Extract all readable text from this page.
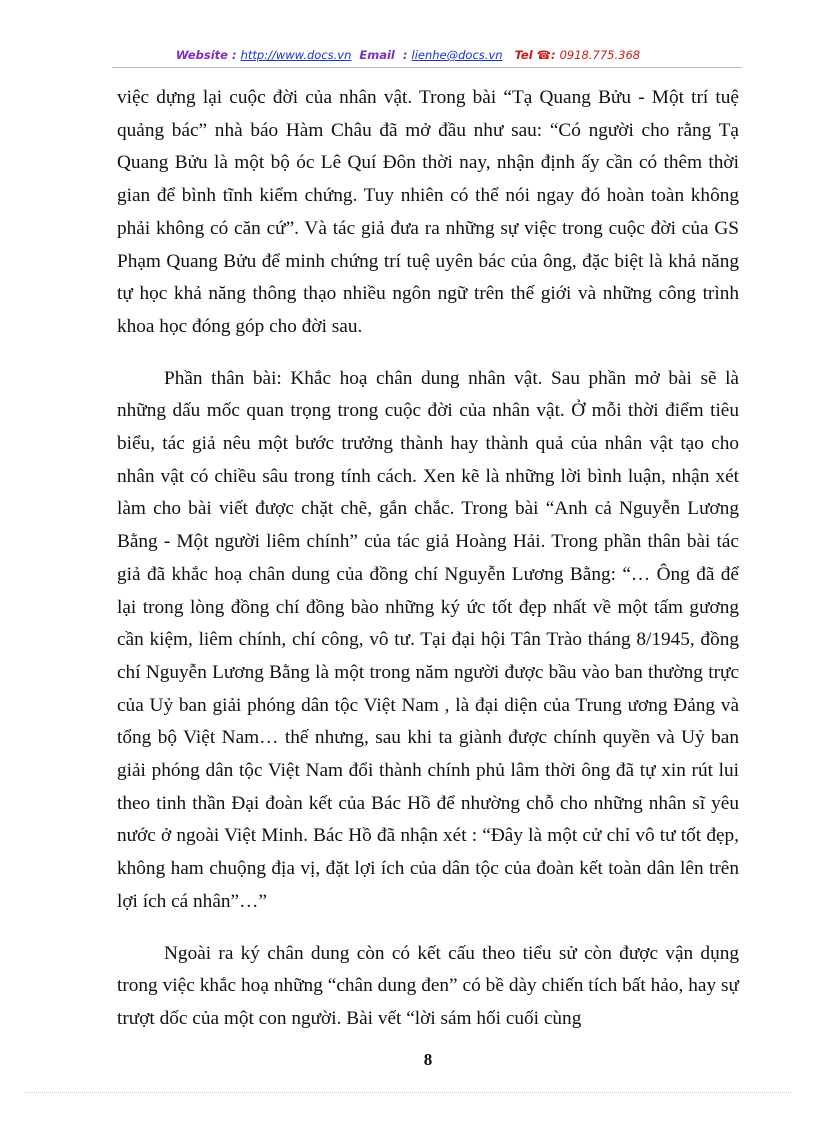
Website : http://www.docs.vn Email : lienhe@docs.vn Tel ☎: 0918.775.368

việc dựng lại cuộc đời của nhân vật. Trong bài “Tạ Quang Bửu - Một trí tuệ quảng bác” nhà báo Hàm Châu đã mở đầu như sau: “Có người cho rằng Tạ Quang Bửu là một bộ óc Lê Quí Đôn thời nay, nhận định ấy cần có thêm thời gian để bình tĩnh kiểm chứng. Tuy nhiên có thể nói ngay đó hoàn toàn không phải không có căn cứ”. Và tác giả đưa ra những sự việc trong cuộc đời của GS Phạm Quang Bửu để minh chứng trí tuệ uyên bác của ông, đặc biệt là khả năng tự học khả năng thông thạo nhiều ngôn ngữ trên thế giới và những công trình khoa học đóng góp cho đời sau.

Phần thân bài: Khắc hoạ chân dung nhân vật. Sau phần mở bài sẽ là những dấu mốc quan trọng trong cuộc đời của nhân vật. Ở mỗi thời điểm tiêu biểu, tác giả nêu một bước trưởng thành hay thành quả của nhân vật tạo cho nhân vật có chiều sâu trong tính cách. Xen kẽ là những lời bình luận, nhận xét làm cho bài viết được chặt chẽ, gắn chắc. Trong bài “Anh cả Nguyễn Lương Bằng - Một người liêm chính” của tác giả Hoàng Hải. Trong phần thân bài tác giả đã khắc hoạ chân dung của đồng chí Nguyễn Lương Bằng: “… Ông đã để lại trong lòng đồng chí đồng bào những ký ức tốt đẹp nhất về một tấm gương cần kiệm, liêm chính, chí công, vô tư. Tại đại hội Tân Trào tháng 8/1945, đồng chí Nguyễn Lương Bằng là một trong năm người được bầu vào ban thường trực của Uỷ ban giải phóng dân tộc Việt Nam , là đại diện của Trung ương Đảng và tổng bộ Việt Nam… thế nhưng, sau khi ta giành được chính quyền và Uỷ ban giải phóng dân tộc Việt Nam đổi thành chính phủ lâm thời ông đã tự xin rút lui theo tinh thần Đại đoàn kết của Bác Hồ để nhường chỗ cho những nhân sĩ yêu nước ở ngoài Việt Minh. Bác Hồ đã nhận xét : “Đây là một cử chỉ vô tư tốt đẹp, không ham chuộng địa vị, đặt lợi ích của dân tộc của đoàn kết toàn dân lên trên lợi ích cá nhân”…”

Ngoài ra ký chân dung còn có kết cấu theo tiểu sử còn được vận dụng trong việc khắc hoạ những “chân dung đen” có bề dày chiến tích bất hảo, hay sự trượt dốc của một con người. Bài vết “lời sám hối cuối cùng

8
